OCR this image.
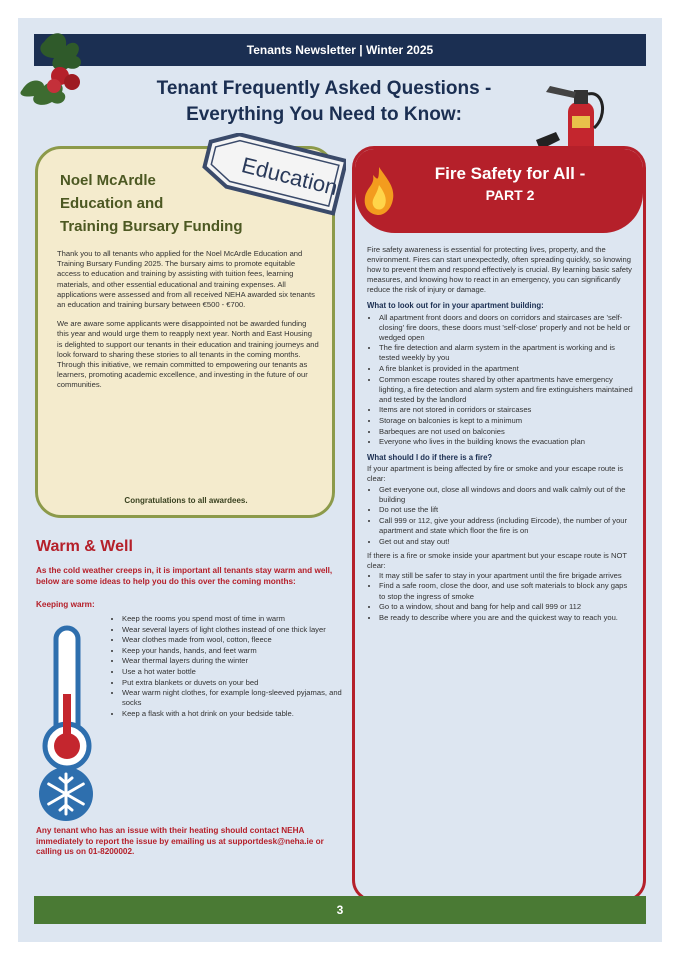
Tenants Newsletter | Winter 2025
Tenant Frequently Asked Questions -
Everything You Need to Know:
Noel McArdle
Education and
Training Bursary Funding
Education

Thank you to all tenants who applied for the Noel McArdle Education and Training Bursary Funding 2025. The bursary aims to promote equitable access to education and training by assisting with tuition fees, learning materials, and other essential educational and training expenses. All applications were assessed and from all received NEHA awarded six tenants an education and training bursary between €500 - €700.

We are aware some applicants were disappointed not be awarded funding this year and would urge them to reapply next year. North and East Housing is delighted to support our tenants in their education and training journeys and look forward to sharing these stories to all tenants in the coming months. Through this initiative, we remain committed to empowering our tenants as learners, promoting academic excellence, and investing in the future of our communities.

Congratulations to all awardees.
Warm & Well
As the cold weather creeps in, it is important all tenants stay warm and well, below are some ideas to help you do this over the coming months:
Keeping warm:
• Keep the rooms you spend most of time in warm
• Wear several layers of light clothes instead of one thick layer
• Wear clothes made from wool, cotton, fleece
• Keep your hands, hands, and feet warm
• Wear thermal layers during the winter
• Use a hot water bottle
• Put extra blankets or duvets on your bed
• Wear warm night clothes, for example long-sleeved pyjamas, and socks
• Keep a flask with a hot drink on your bedside table.
Any tenant who has an issue with their heating should contact NEHA immediately to report the issue by emailing us at supportdesk@neha.ie or calling us on 01-8200002.
Fire Safety for All -
PART 2

Fire safety awareness is essential for protecting lives, property, and the environment. Fires can start unexpectedly, often spreading quickly, so knowing how to prevent them and respond effectively is crucial. By learning basic safety measures, and knowing how to react in an emergency, you can significantly reduce the risk of injury or damage.

What to look out for in your apartment building:
• All apartment front doors and doors on corridors and staircases are 'self-closing' fire doors, these doors must 'self-close' properly and not be held or wedged open
• The fire detection and alarm system in the apartment is working and is tested weekly by you
• A fire blanket is provided in the apartment
• Common escape routes shared by other apartments have emergency lighting, a fire detection and alarm system and fire extinguishers maintained and tested by the landlord
• Items are not stored in corridors or staircases
• Storage on balconies is kept to a minimum
• Barbeques are not used on balconies
• Everyone who lives in the building knows the evacuation plan
What should I do if there is a fire?

If your apartment is being affected by fire or smoke and your escape route is clear:

• Get everyone out, close all windows and doors and walk calmly out of the building
• Do not use the lift
• Call 999 or 112, give your address (including Eircode), the number of your apartment and state which floor the fire is on
• Get out and stay out!

If there is a fire or smoke inside your apartment but your escape route is NOT clear:

• It may still be safer to stay in your apartment until the fire brigade arrives
• Find a safe room, close the door, and use soft materials to block any gaps to stop the ingress of smoke
• Go to a window, shout and bang for help and call 999 or 112
• Be ready to describe where you are and the quickest way to reach you.
3
